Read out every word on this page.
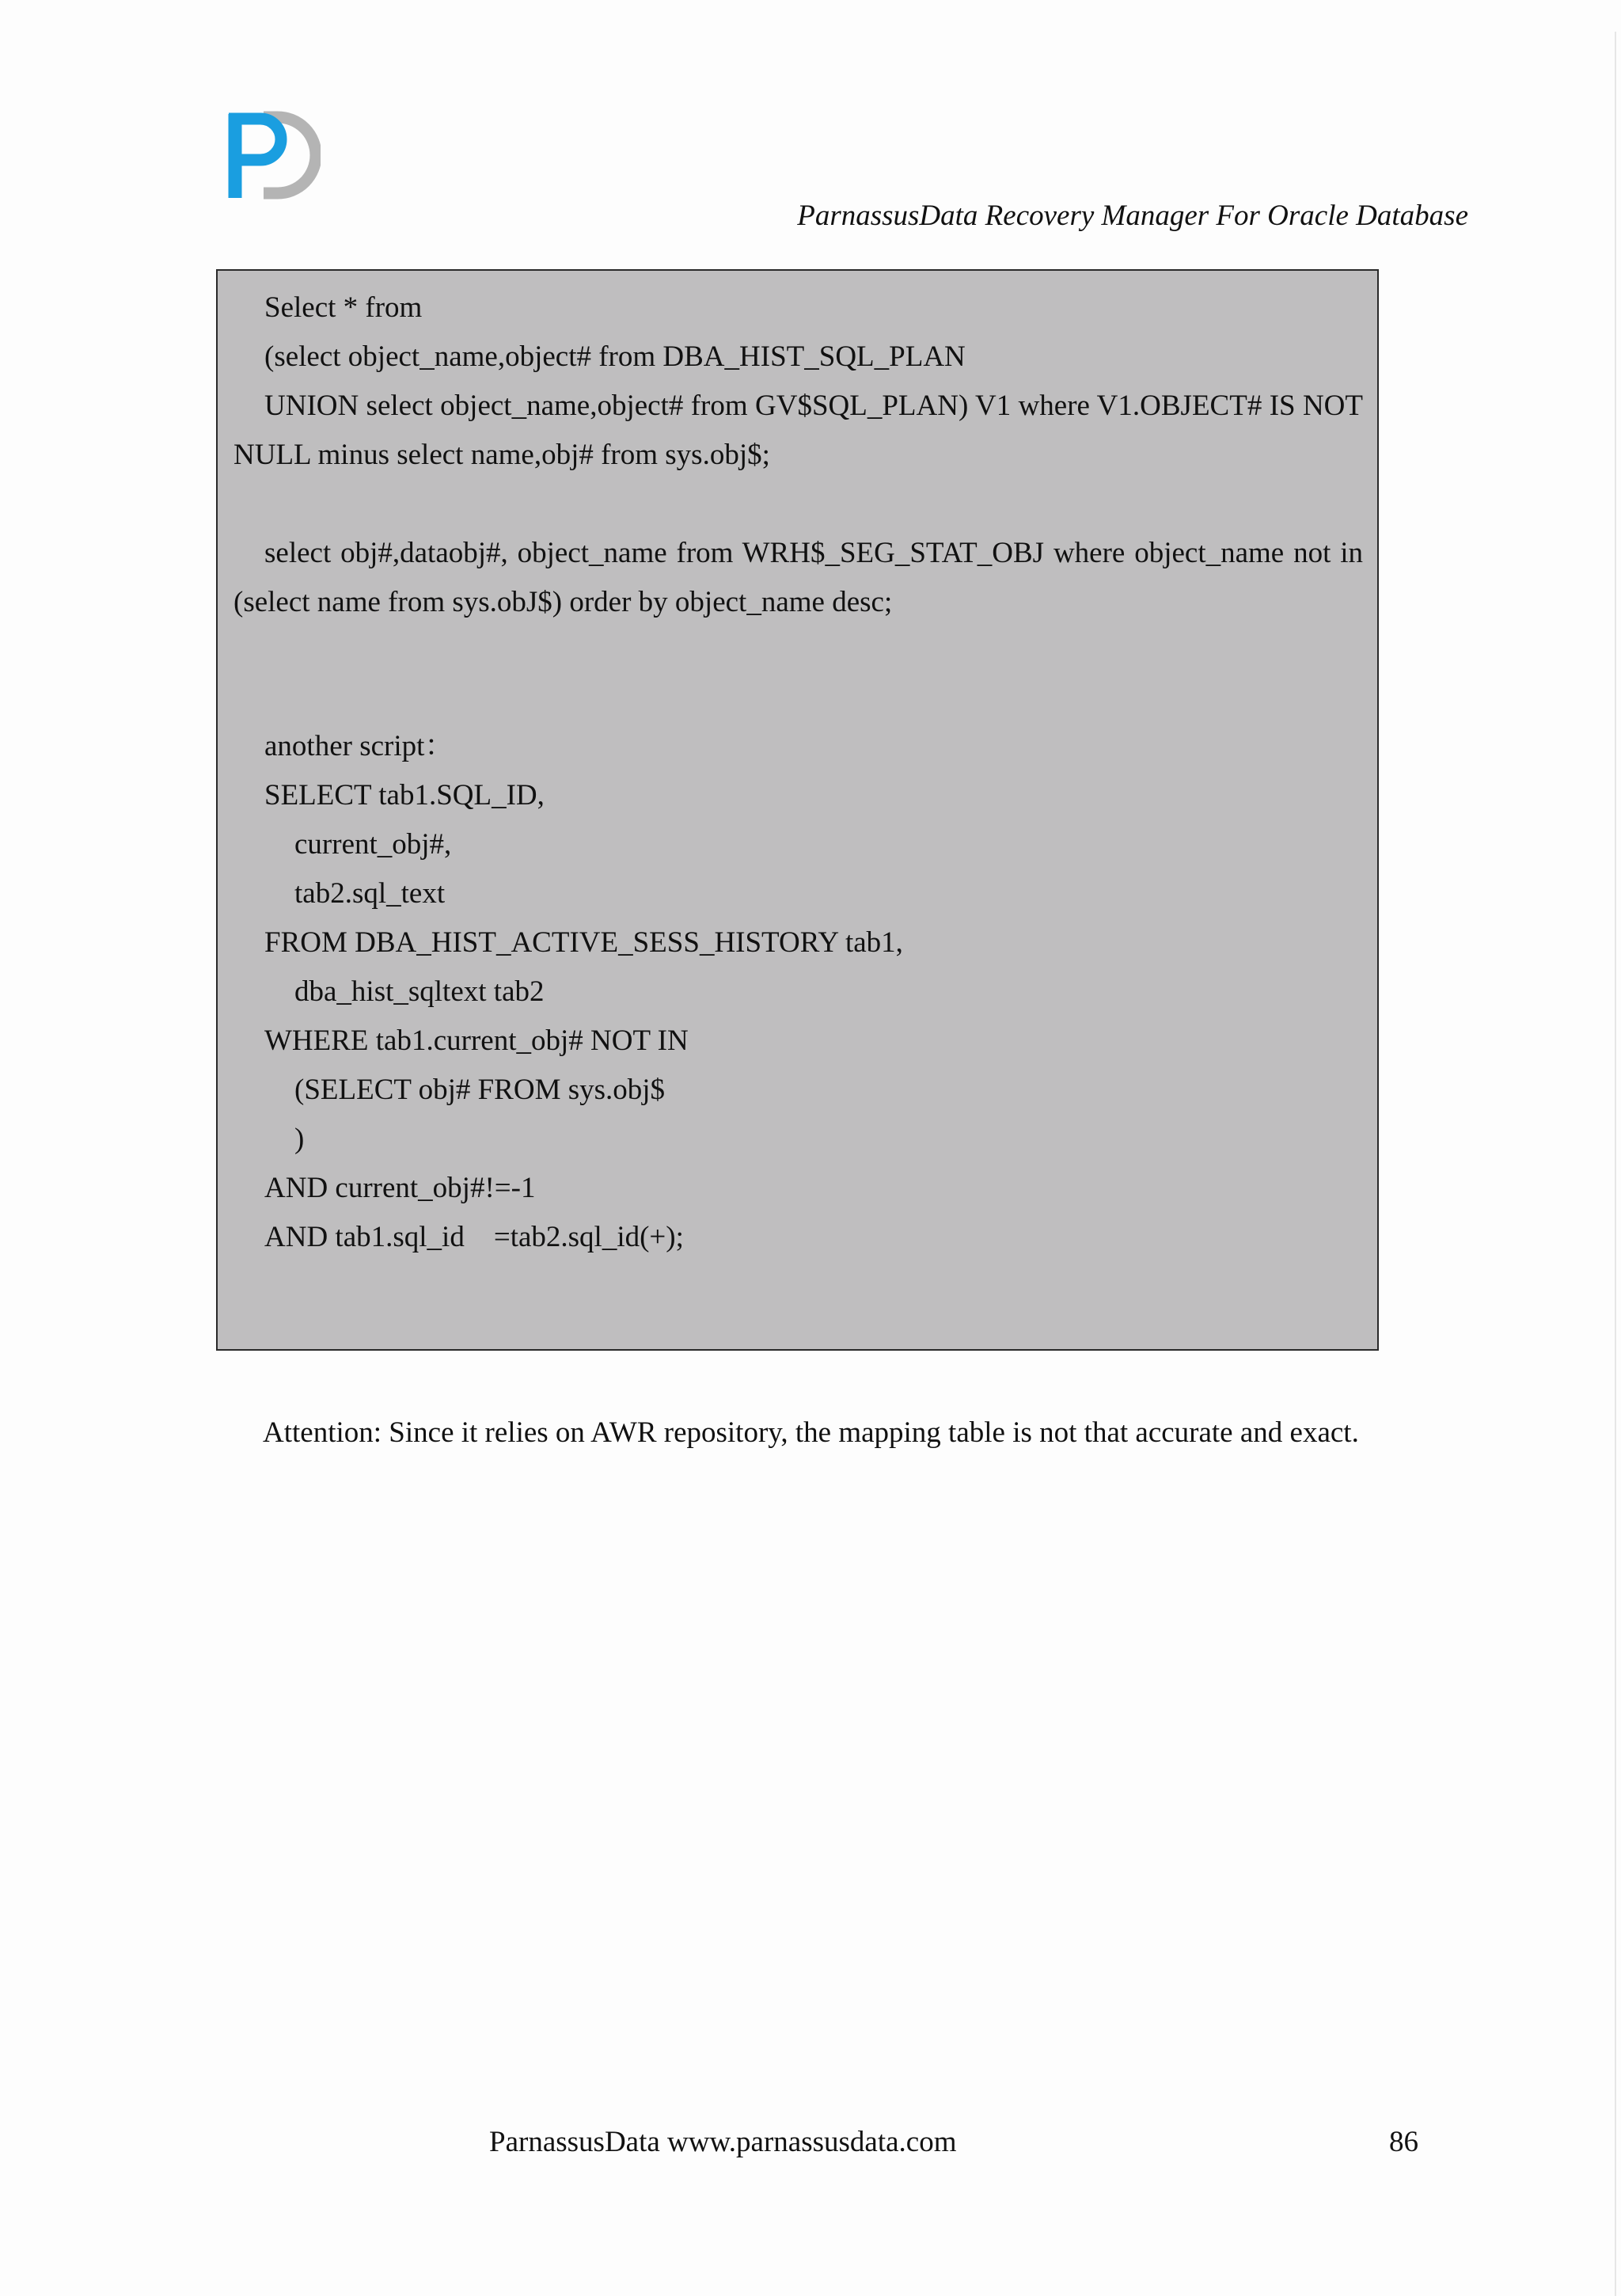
ParnassusData Recovery Manager For Oracle Database
Select * from
(select object_name,object# from DBA_HIST_SQL_PLAN
UNION select object_name,object# from GV$SQL_PLAN) V1 where V1.OBJECT# IS NOT NULL minus select name,obj# from sys.obj$;
select obj#,dataobj#, object_name from WRH$_SEG_STAT_OBJ where object_name not in (select name from sys.obJ$) order by object_name desc;
another script：
SELECT tab1.SQL_ID,
current_obj#,
tab2.sql_text
FROM DBA_HIST_ACTIVE_SESS_HISTORY tab1,
dba_hist_sqltext tab2
WHERE tab1.current_obj# NOT IN
(SELECT obj# FROM sys.obj$
)
AND current_obj#!=-1
AND tab1.sql_id    =tab2.sql_id(+);
Attention: Since it relies on AWR repository, the mapping table is not that accurate and exact.
ParnassusData www.parnassusdata.com	86
